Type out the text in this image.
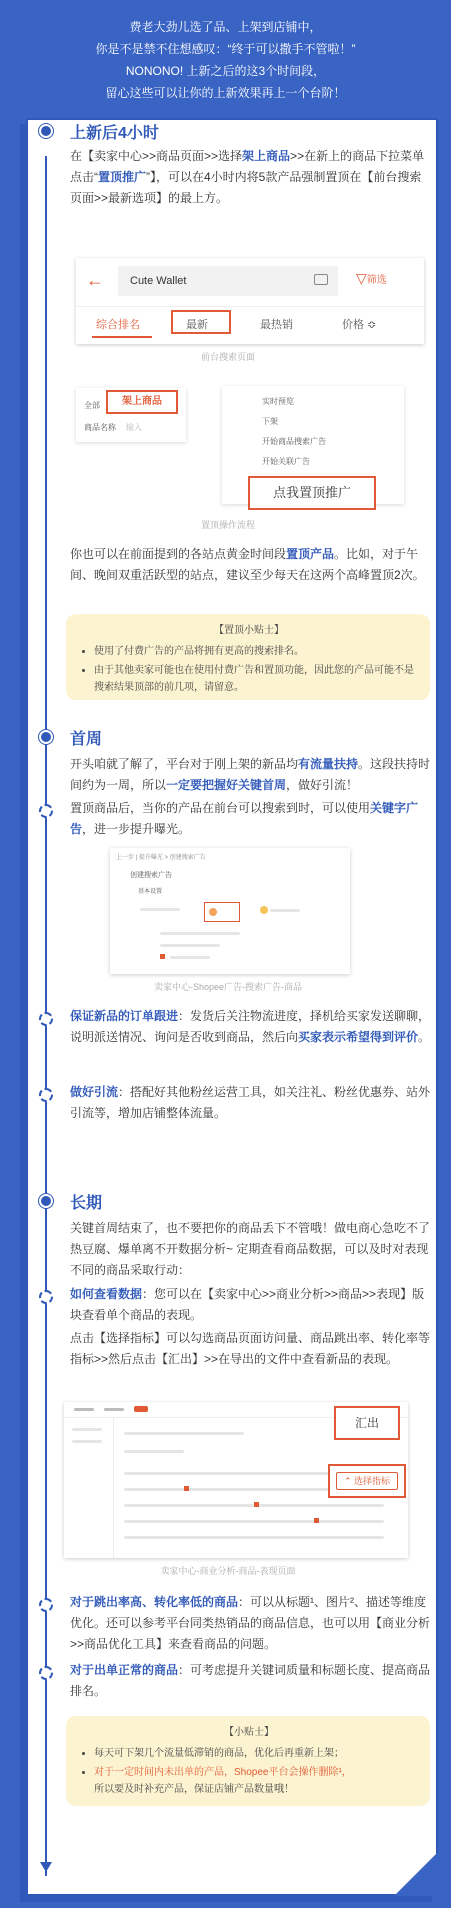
费老大劲儿选了品、上架到店铺中，
你是不是禁不住想感叹：“终于可以撒手不管啦！”
NONONO! 上新之后的这3个时间段，
留心这些可以让你的上新效果再上一个台阶！
上新后4小时
在【卖家中心>>商品页面>>选择架上商品>>在新上的商品下拉菜单点击“置顶推广”】，可以在4小时内将5款产品强制置顶在【前台搜索页面>>最新选项】的最上方。
←	Cute Wallet	▽筛选
综合排名	最新	最热销	价格 ≎
前台搜索页面
全部
商品名称 输入
架上商品	实时预览
下架
开始商品搜索广告
开始关联广告
点我置顶推广
置顶操作流程
你也可以在前面提到的各站点黄金时间段置顶产品。比如，对于午间、晚间双重活跃型的站点，建议至少每天在这两个高峰置顶2次。
【置顶小贴士】
• 使用了付费广告的产品将拥有更高的搜索排名。
• 由于其他卖家可能也在使用付费广告和置顶功能，因此您的产品可能不是搜索结果顶部的前几项，请留意。
首周
开头咱就了解了，平台对于刚上架的新品均有流量扶持。这段扶持时间约为一周，所以一定要把握好关键首周，做好引流！
置顶商品后，当你的产品在前台可以搜索到时，可以使用关键字广告，进一步提升曝光。
上一步 | 提升曝光 > 创建搜索广告
创建搜索广告
基本设置
卖家中心-Shopee广告-搜索广告-商品
保证新品的订单跟进：发货后关注物流进度，择机给买家发送聊聊，说明派送情况、询问是否收到商品，然后向买家表示希望得到评价。
做好引流：搭配好其他粉丝运营工具，如关注礼、粉丝优惠券、站外引流等，增加店铺整体流量。
长期
关键首周结束了，也不要把你的商品丢下不管哦！做电商心急吃不了热豆腐、爆单离不开数据分析~ 定期查看商品数据，可以及时对表现不同的商品采取行动：
如何查看数据：您可以在【卖家中心>>商业分析>>商品>>表现】版块查看单个商品的表现。
点击【选择指标】可以勾选商品页面访问量、商品跳出率、转化率等指标>>然后点击【汇出】>>在导出的文件中查看新品的表现。
汇出
⌃ 选择指标
卖家中心-商业分析-商品-表现页面
对于跳出率高、转化率低的商品：可以从标题¹、图片²、描述等维度优化。还可以参考平台同类热销品的商品信息，也可以用【商业分析>>商品优化工具】来查看商品的问题。
对于出单正常的商品：可考虑提升关键词质量和标题长度、提高商品排名。
【小贴士】
• 每天可下架几个流量低滞销的商品，优化后再重新上架；
• 对于一定时间内未出单的产品，Shopee平台会操作删除¹，
所以要及时补充产品，保证店铺产品数量哦！
